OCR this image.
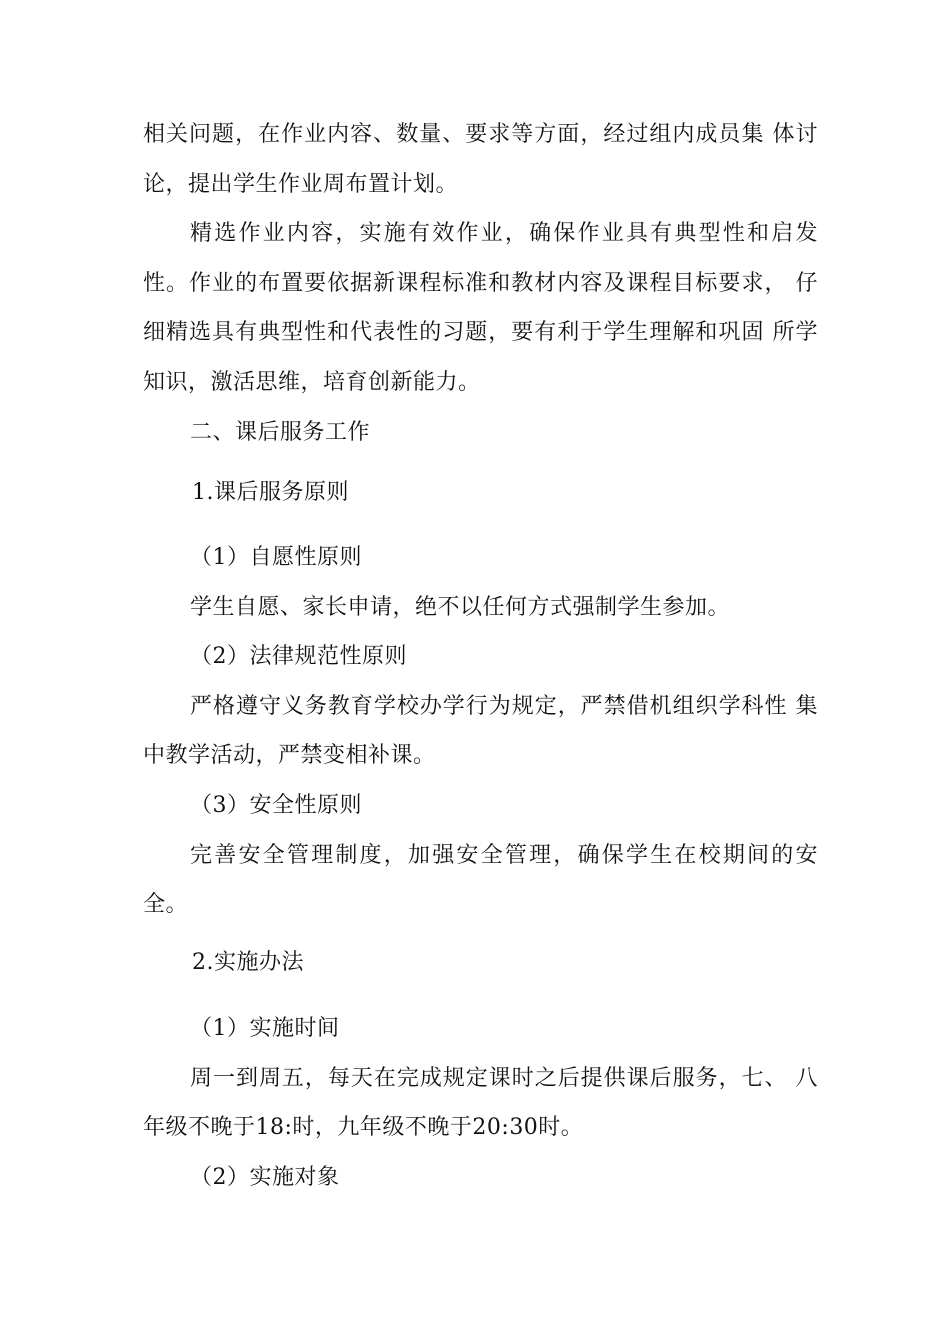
相关问题，在作业内容、数量、要求等方面，经过组内成员集 体讨
论，提出学生作业周布置计划。
精选作业内容，实施有效作业，确保作业具有典型性和启发
性。作业的布置要依据新课程标准和教材内容及课程目标要求， 仔
细精选具有典型性和代表性的习题，要有利于学生理解和巩固 所学
知识，激活思维，培育创新能力。
二、课后服务工作
1.课后服务原则
（1）自愿性原则
学生自愿、家长申请，绝不以任何方式强制学生参加。
（2）法律规范性原则
严格遵守义务教育学校办学行为规定，严禁借机组织学科性 集
中教学活动，严禁变相补课。
（3）安全性原则
完善安全管理制度，加强安全管理，确保学生在校期间的安
全。
2.实施办法
（1）实施时间
周一到周五，每天在完成规定课时之后提供课后服务，七、 八
年级不晚于18:时，九年级不晚于20:30时。
（2）实施对象
